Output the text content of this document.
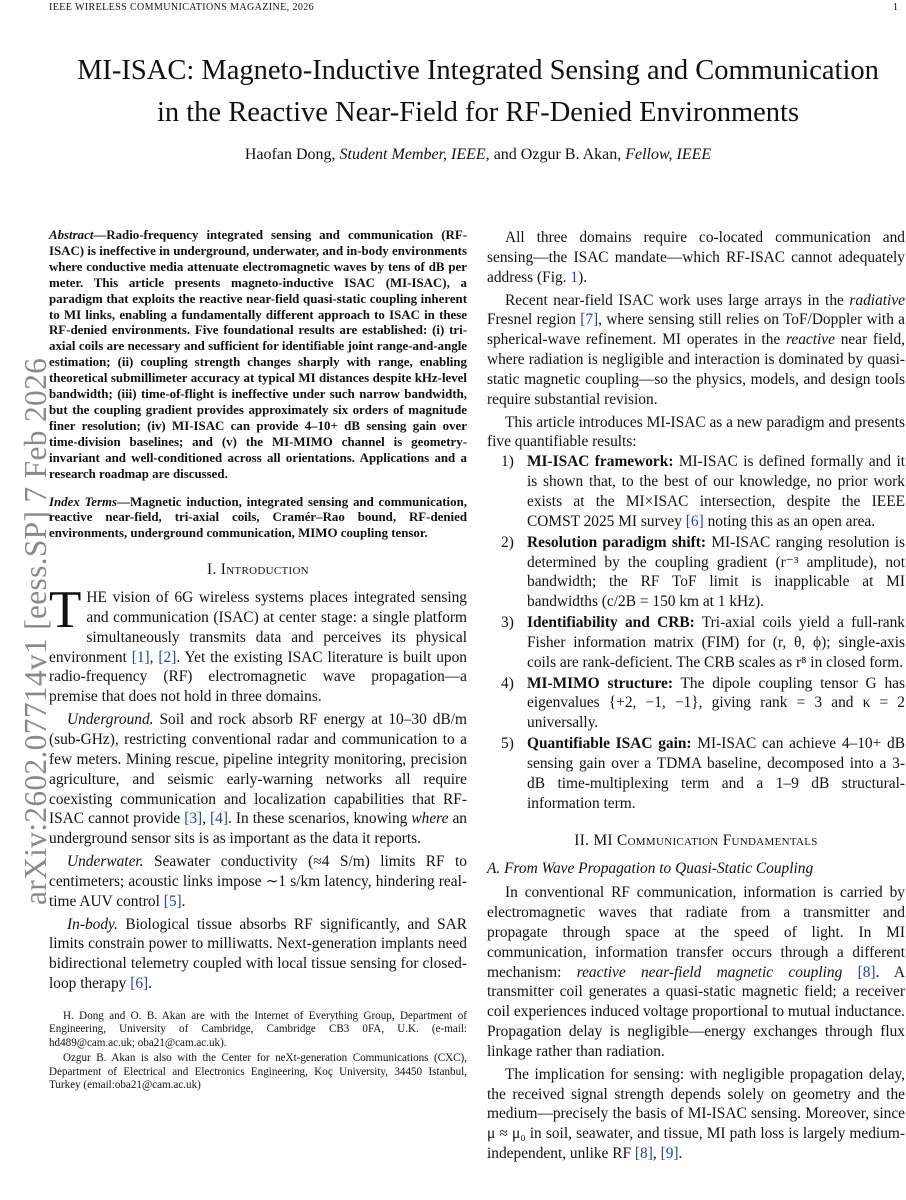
IEEE WIRELESS COMMUNICATIONS MAGAZINE, 2026	1
arXiv:2602.07714v1 [eess.SP] 7 Feb 2026
MI-ISAC: Magneto-Inductive Integrated Sensing and Communication
in the Reactive Near-Field for RF-Denied Environments
Haofan Dong, Student Member, IEEE, and Ozgur B. Akan, Fellow, IEEE

Abstract—Radio-frequency integrated sensing and communication (RF-ISAC) is ineffective in underground, underwater, and in-body environments where conductive media attenuate electromagnetic waves by tens of dB per meter. This article presents magneto-inductive ISAC (MI-ISAC), a paradigm that exploits the reactive near-field quasi-static coupling inherent to MI links, enabling a fundamentally different approach to ISAC in these RF-denied environments. Five foundational results are established: (i) tri-axial coils are necessary and sufficient for identifiable joint range-and-angle estimation; (ii) coupling strength changes sharply with range, enabling theoretical submillimeter accuracy at typical MI distances despite kHz-level bandwidth; (iii) time-of-flight is ineffective under such narrow bandwidth, but the coupling gradient provides approximately six orders of magnitude finer resolution; (iv) MI-ISAC can provide 4–10+ dB sensing gain over time-division baselines; and (v) the MI-MIMO channel is geometry-invariant and well-conditioned across all orientations. Applications and a research roadmap are discussed.

Index Terms—Magnetic induction, integrated sensing and communication, reactive near-field, tri-axial coils, Cramér–Rao bound, RF-denied environments, underground communication, MIMO coupling tensor.

I. Introduction

THE vision of 6G wireless systems places integrated sensing and communication (ISAC) at center stage: a single platform simultaneously transmits data and perceives its physical environment [1], [2]. Yet the existing ISAC literature is built upon radio-frequency (RF) electromagnetic wave propagation—a premise that does not hold in three domains.

Underground. Soil and rock absorb RF energy at 10–30 dB/m (sub-GHz), restricting conventional radar and communication to a few meters. Mining rescue, pipeline integrity monitoring, precision agriculture, and seismic early-warning networks all require coexisting communication and localization capabilities that RF-ISAC cannot provide [3], [4]. In these scenarios, knowing where an underground sensor sits is as important as the data it reports.

Underwater. Seawater conductivity (≈4 S/m) limits RF to centimeters; acoustic links impose ∼1 s/km latency, hindering real-time AUV control [5].

In-body. Biological tissue absorbs RF significantly, and SAR limits constrain power to milliwatts. Next-generation implants need bidirectional telemetry coupled with local tissue sensing for closed-loop therapy [6].

H. Dong and O. B. Akan are with the Internet of Everything Group, Department of Engineering, University of Cambridge, Cambridge CB3 0FA, U.K. (e-mail: hd489@cam.ac.uk; oba21@cam.ac.uk).

Ozgur B. Akan is also with the Center for neXt-generation Communications (CXC), Department of Electrical and Electronics Engineering, Koç University, 34450 Istanbul, Turkey (email:oba21@cam.ac.uk)

All three domains require co-located communication and sensing—the ISAC mandate—which RF-ISAC cannot adequately address (Fig. 1).

Recent near-field ISAC work uses large arrays in the radiative Fresnel region [7], where sensing still relies on ToF/Doppler with a spherical-wave refinement. MI operates in the reactive near field, where radiation is negligible and interaction is dominated by quasi-static magnetic coupling—so the physics, models, and design tools require substantial revision.

This article introduces MI-ISAC as a new paradigm and presents five quantifiable results:

1) MI-ISAC framework: MI-ISAC is defined formally and it is shown that, to the best of our knowledge, no prior work exists at the MI×ISAC intersection, despite the IEEE COMST 2025 MI survey [6] noting this as an open area.
2) Resolution paradigm shift: MI-ISAC ranging resolution is determined by the coupling gradient (r⁻³ amplitude), not bandwidth; the RF ToF limit is inapplicable at MI bandwidths (c/2B = 150 km at 1 kHz).
3) Identifiability and CRB: Tri-axial coils yield a full-rank Fisher information matrix (FIM) for (r, θ, ϕ); single-axis coils are rank-deficient. The CRB scales as r⁸ in closed form.
4) MI-MIMO structure: The dipole coupling tensor G has eigenvalues {+2, −1, −1}, giving rank = 3 and κ = 2 universally.
5) Quantifiable ISAC gain: MI-ISAC can achieve 4–10+ dB sensing gain over a TDMA baseline, decomposed into a 3-dB time-multiplexing term and a 1–9 dB structural-information term.

II. MI Communication Fundamentals

A. From Wave Propagation to Quasi-Static Coupling

In conventional RF communication, information is carried by electromagnetic waves that radiate from a transmitter and propagate through space at the speed of light. In MI communication, information transfer occurs through a different mechanism: reactive near-field magnetic coupling [8]. A transmitter coil generates a quasi-static magnetic field; a receiver coil experiences induced voltage proportional to mutual inductance. Propagation delay is negligible—energy exchanges through flux linkage rather than radiation.

The implication for sensing: with negligible propagation delay, the received signal strength depends solely on geometry and the medium—precisely the basis of MI-ISAC sensing. Moreover, since μ ≈ μ₀ in soil, seawater, and tissue, MI path loss is largely medium-independent, unlike RF [8], [9].
